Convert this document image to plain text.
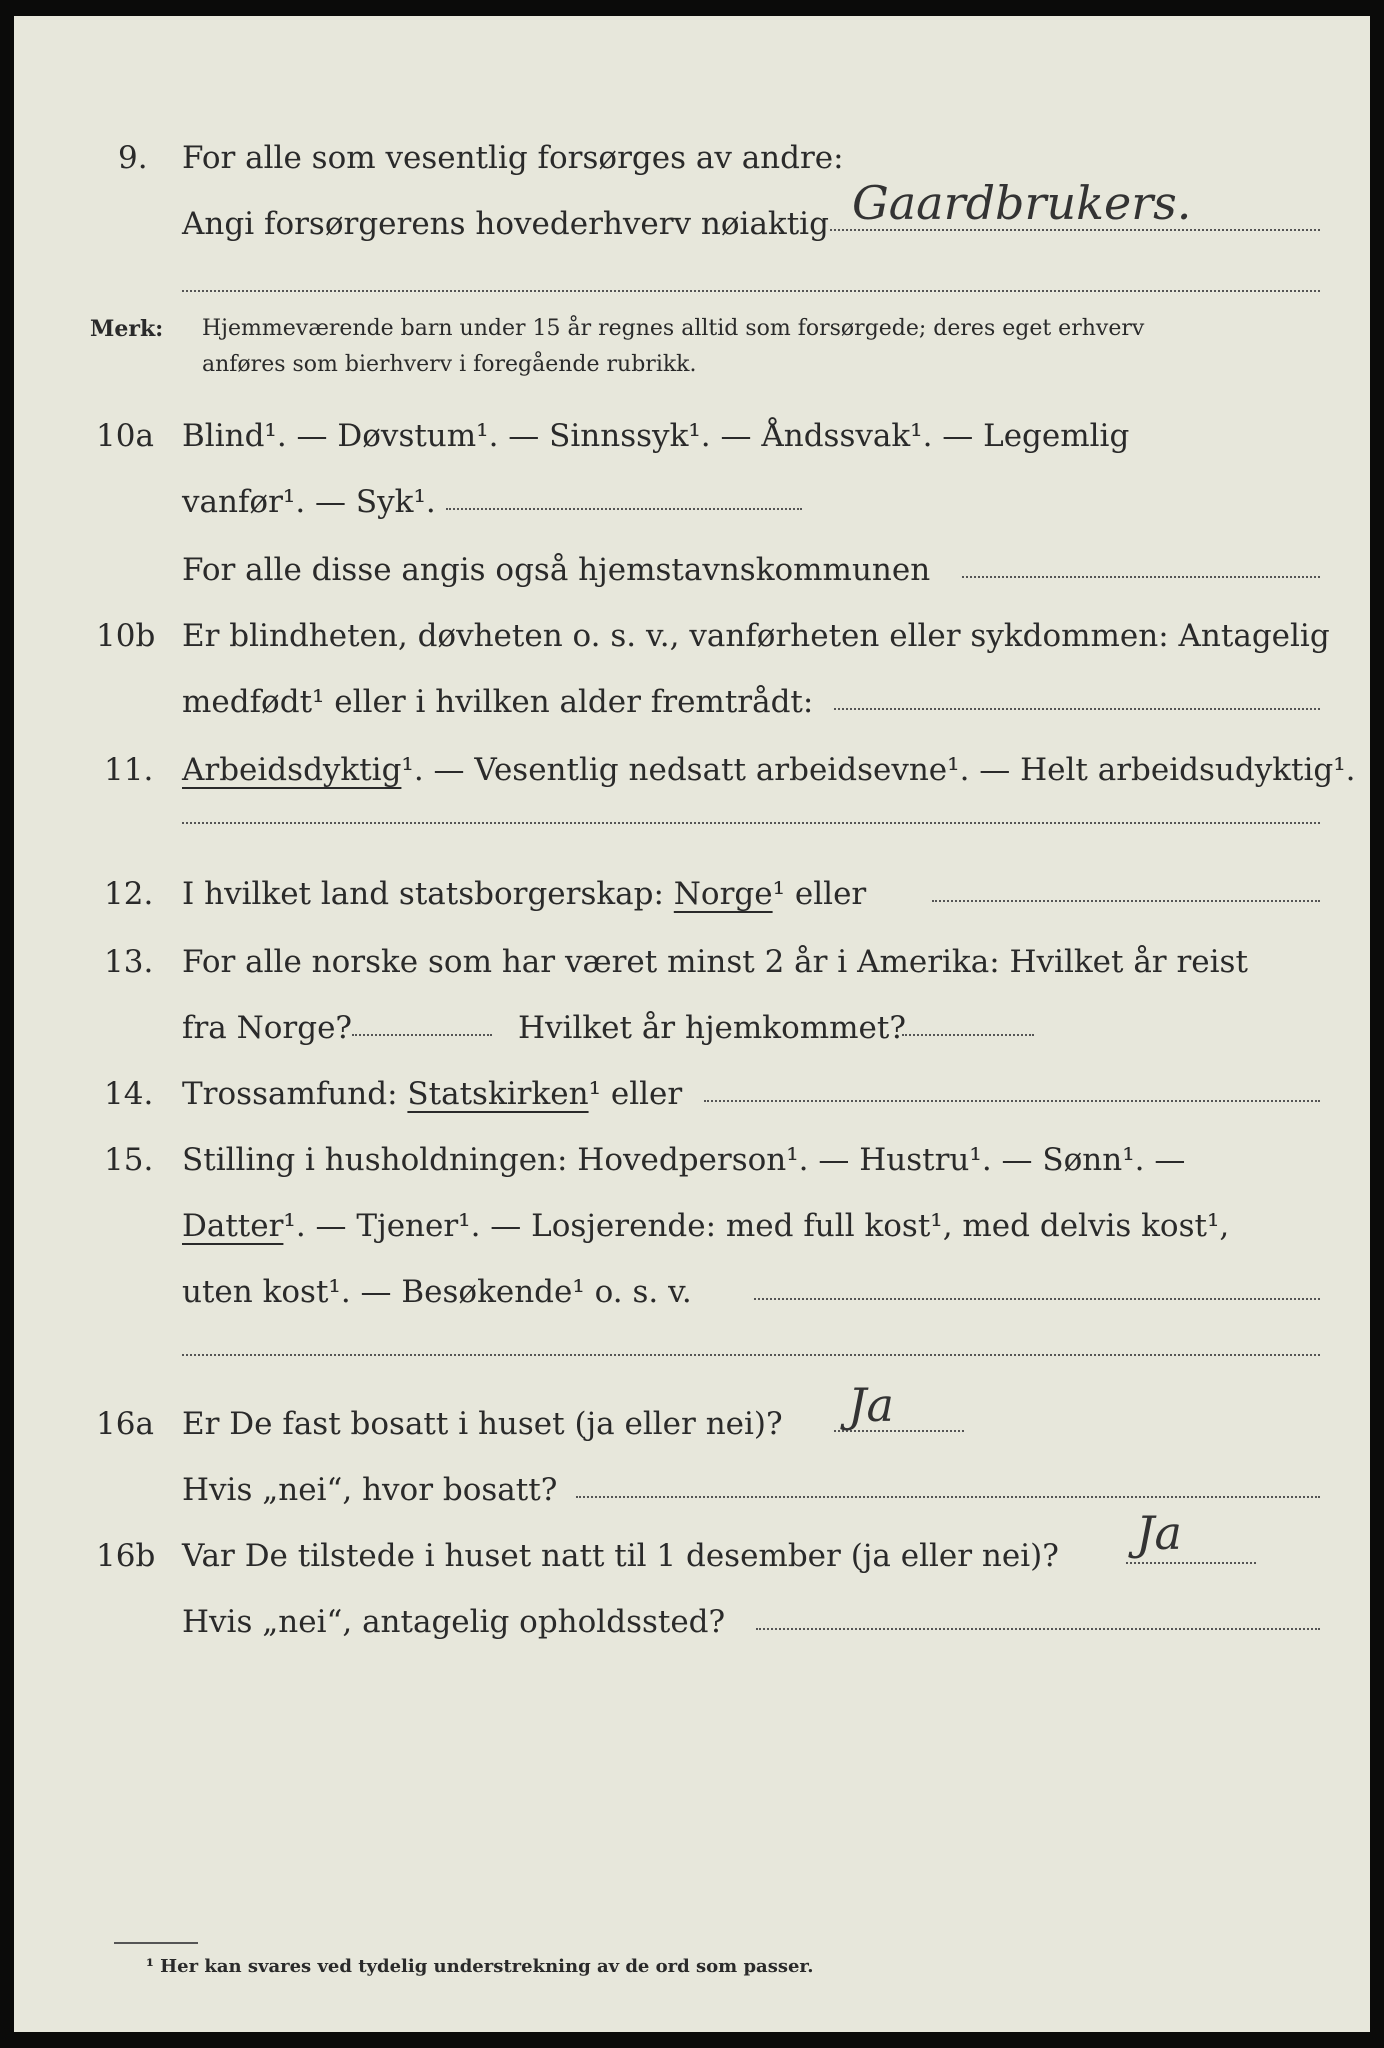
9. For alle som vesentlig forsørges av andre:
Angi forsørgerens hovederhverv nøiaktig Gaardbrukers.
Merk: Hjemmeværende barn under 15 år regnes alltid som forsørgede; deres eget erhverv
anføres som bierhverv i foregående rubrikk.
10a Blind¹. — Døvstum¹. — Sinnssyk¹. — Åndssvak¹. — Legemlig
vanfør¹. — Syk¹.
For alle disse angis også hjemstavnskommunen
10b Er blindheten, døvheten o. s. v., vanførheten eller sykdommen: Antagelig
medfødt¹ eller i hvilken alder fremtrådt:
11. Arbeidsdyktig¹. — Vesentlig nedsatt arbeidsevne¹. — Helt arbeidsudyktig¹.
12. I hvilket land statsborgerskap: Norge¹ eller
13. For alle norske som har været minst 2 år i Amerika: Hvilket år reist
fra Norge?	Hvilket år hjemkommet?
14. Trossamfund: Statskirken¹ eller
15. Stilling i husholdningen: Hovedperson¹. — Hustru¹. — Sønn¹. —
Datter¹. — Tjener¹. — Losjerende: med full kost¹, med delvis kost¹,
uten kost¹. — Besøkende¹ o. s. v.
16a Er De fast bosatt i huset (ja eller nei)? Ja
Hvis „nei“, hvor bosatt?
16b Var De tilstede i huset natt til 1 desember (ja eller nei)? Ja
Hvis „nei“, antagelig opholdssted?
¹ Her kan svares ved tydelig understrekning av de ord som passer.
